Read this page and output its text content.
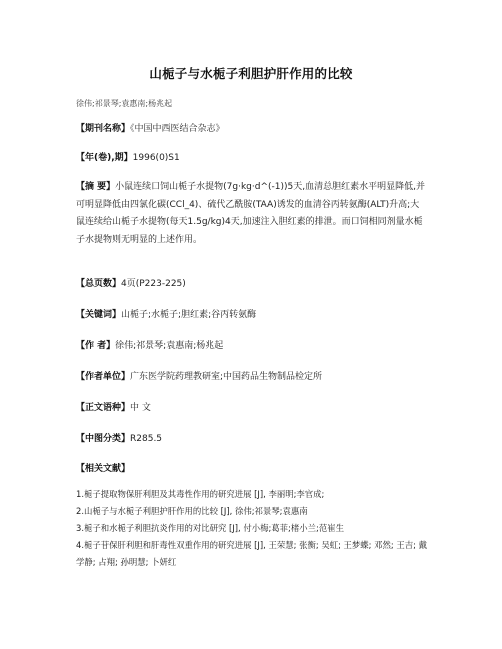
山栀子与水栀子利胆护肝作用的比较
徐伟;祁景琴;袁惠南;杨兆起
【期刊名称】《中国中西医结合杂志》
【年(卷),期】1996(0)S1
【摘 要】小鼠连续口饲山栀子水提物(7g·kg·d^(-1))5天,血清总胆红素水平明显降低,并可明显降低由四氯化碳(CCl_4)、硫代乙酰胺(TAA)诱发的血清谷丙转氨酶(ALT)升高;大鼠连续给山栀子水提物(每天1.5g/kg)4天,加速注入胆红素的排泄。而口饲相同剂量水栀子水提物则无明显的上述作用。
【总页数】4页(P223-225)
【关键词】山栀子;水栀子;胆红素;谷丙转氨酶
【作 者】徐伟;祁景琴;袁惠南;杨兆起
【作者单位】广东医学院药理教研室;中国药品生物制品检定所
【正文语种】中 文
【中图分类】R285.5
【相关文献】
1.栀子提取物保肝利胆及其毒性作用的研究进展 [J], 李丽明;李官成;
2.山栀子与水栀子利胆护肝作用的比较 [J], 徐伟;祁景琴;袁惠南
3.栀子和水栀子利胆抗炎作用的对比研究 [J], 付小梅;葛菲;楮小兰;范崔生
4.栀子苷保肝利胆和肝毒性双重作用的研究进展 [J], 王荣慧; 张衡; 吴虹; 王梦蝶; 邓然; 王吉; 戴学静; 占翔; 孙明慧; 卜妍红
